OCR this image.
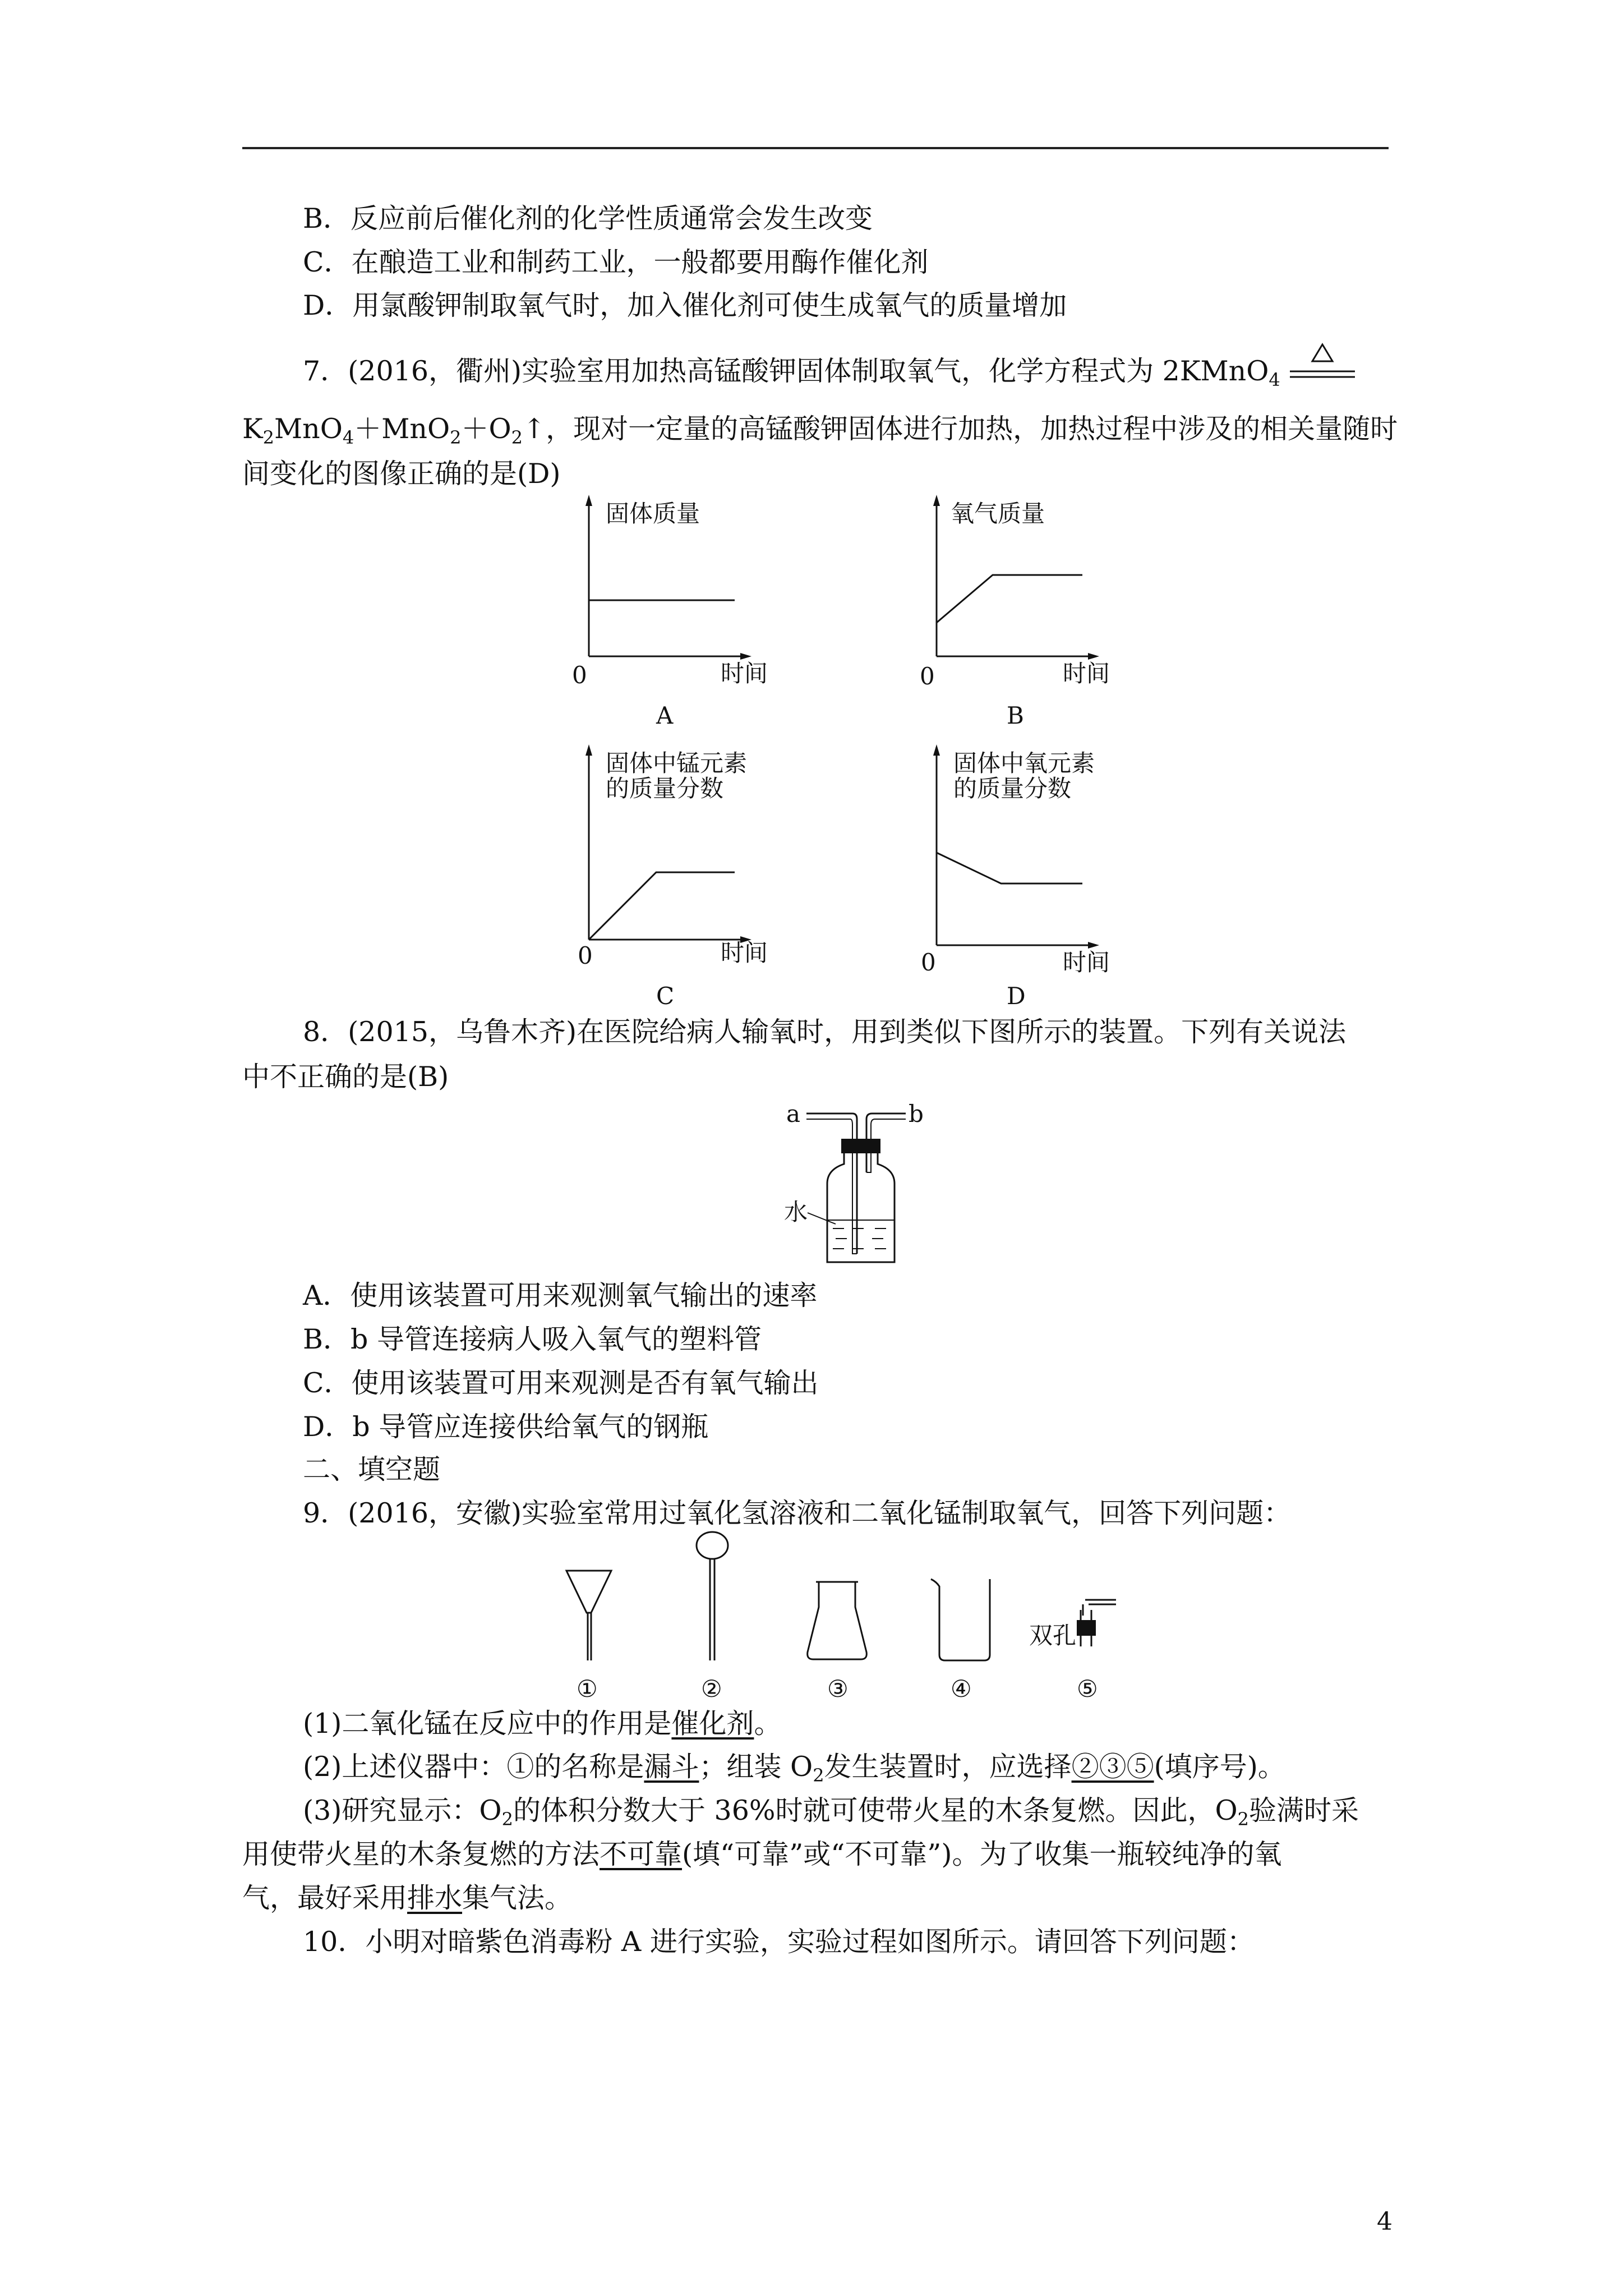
B．反应前后催化剂的化学性质通常会发生改变
C．在酿造工业和制药工业，一般都要用酶作催化剂
D．用氯酸钾制取氧气时，加入催化剂可使生成氧气的质量增加
7．(2016，衢州)实验室用加热高锰酸钾固体制取氧气，化学方程式为 2KMnO$_4$
$K_2MnO_4+MnO_2+O_2↑$，现对一定量的高锰酸钾固体进行加热，加热过程中涉及的相关量随时
间变化的图像正确的是(D)
固体质量
0	时间
A
氧气质量
0	时间
B
固体中锰元素
的质量分数
0	时间
C
固体中氧元素
的质量分数
0	时间
D
8．(2015，乌鲁木齐)在医院给病人输氧时，用到类似下图所示的装置。下列有关说法
中不正确的是(B)
a	b
水
A．使用该装置可用来观测氧气输出的速率
B．b 导管连接病人吸入氧气的塑料管
C．使用该装置可用来观测是否有氧气输出
D．b 导管应连接供给氧气的钢瓶
二、填空题
9．(2016，安徽)实验室常用过氧化氢溶液和二氧化锰制取氧气，回答下列问题：
双孔
①	②	③	④	⑤
(1)二氧化锰在反应中的作用是催化剂。
(2)上述仪器中：①的名称是漏斗；组装 $O_2$发生装置时，应选择②③⑤(填序号)。
(3)研究显示：$O_2$的体积分数大于 36%时就可使带火星的木条复燃。因此，$O_2$验满时采
用使带火星的木条复燃的方法不可靠(填“可靠”或“不可靠”)。为了收集一瓶较纯净的氧
气，最好采用排水集气法。
10．小明对暗紫色消毒粉 A 进行实验，实验过程如图所示。请回答下列问题：
4
